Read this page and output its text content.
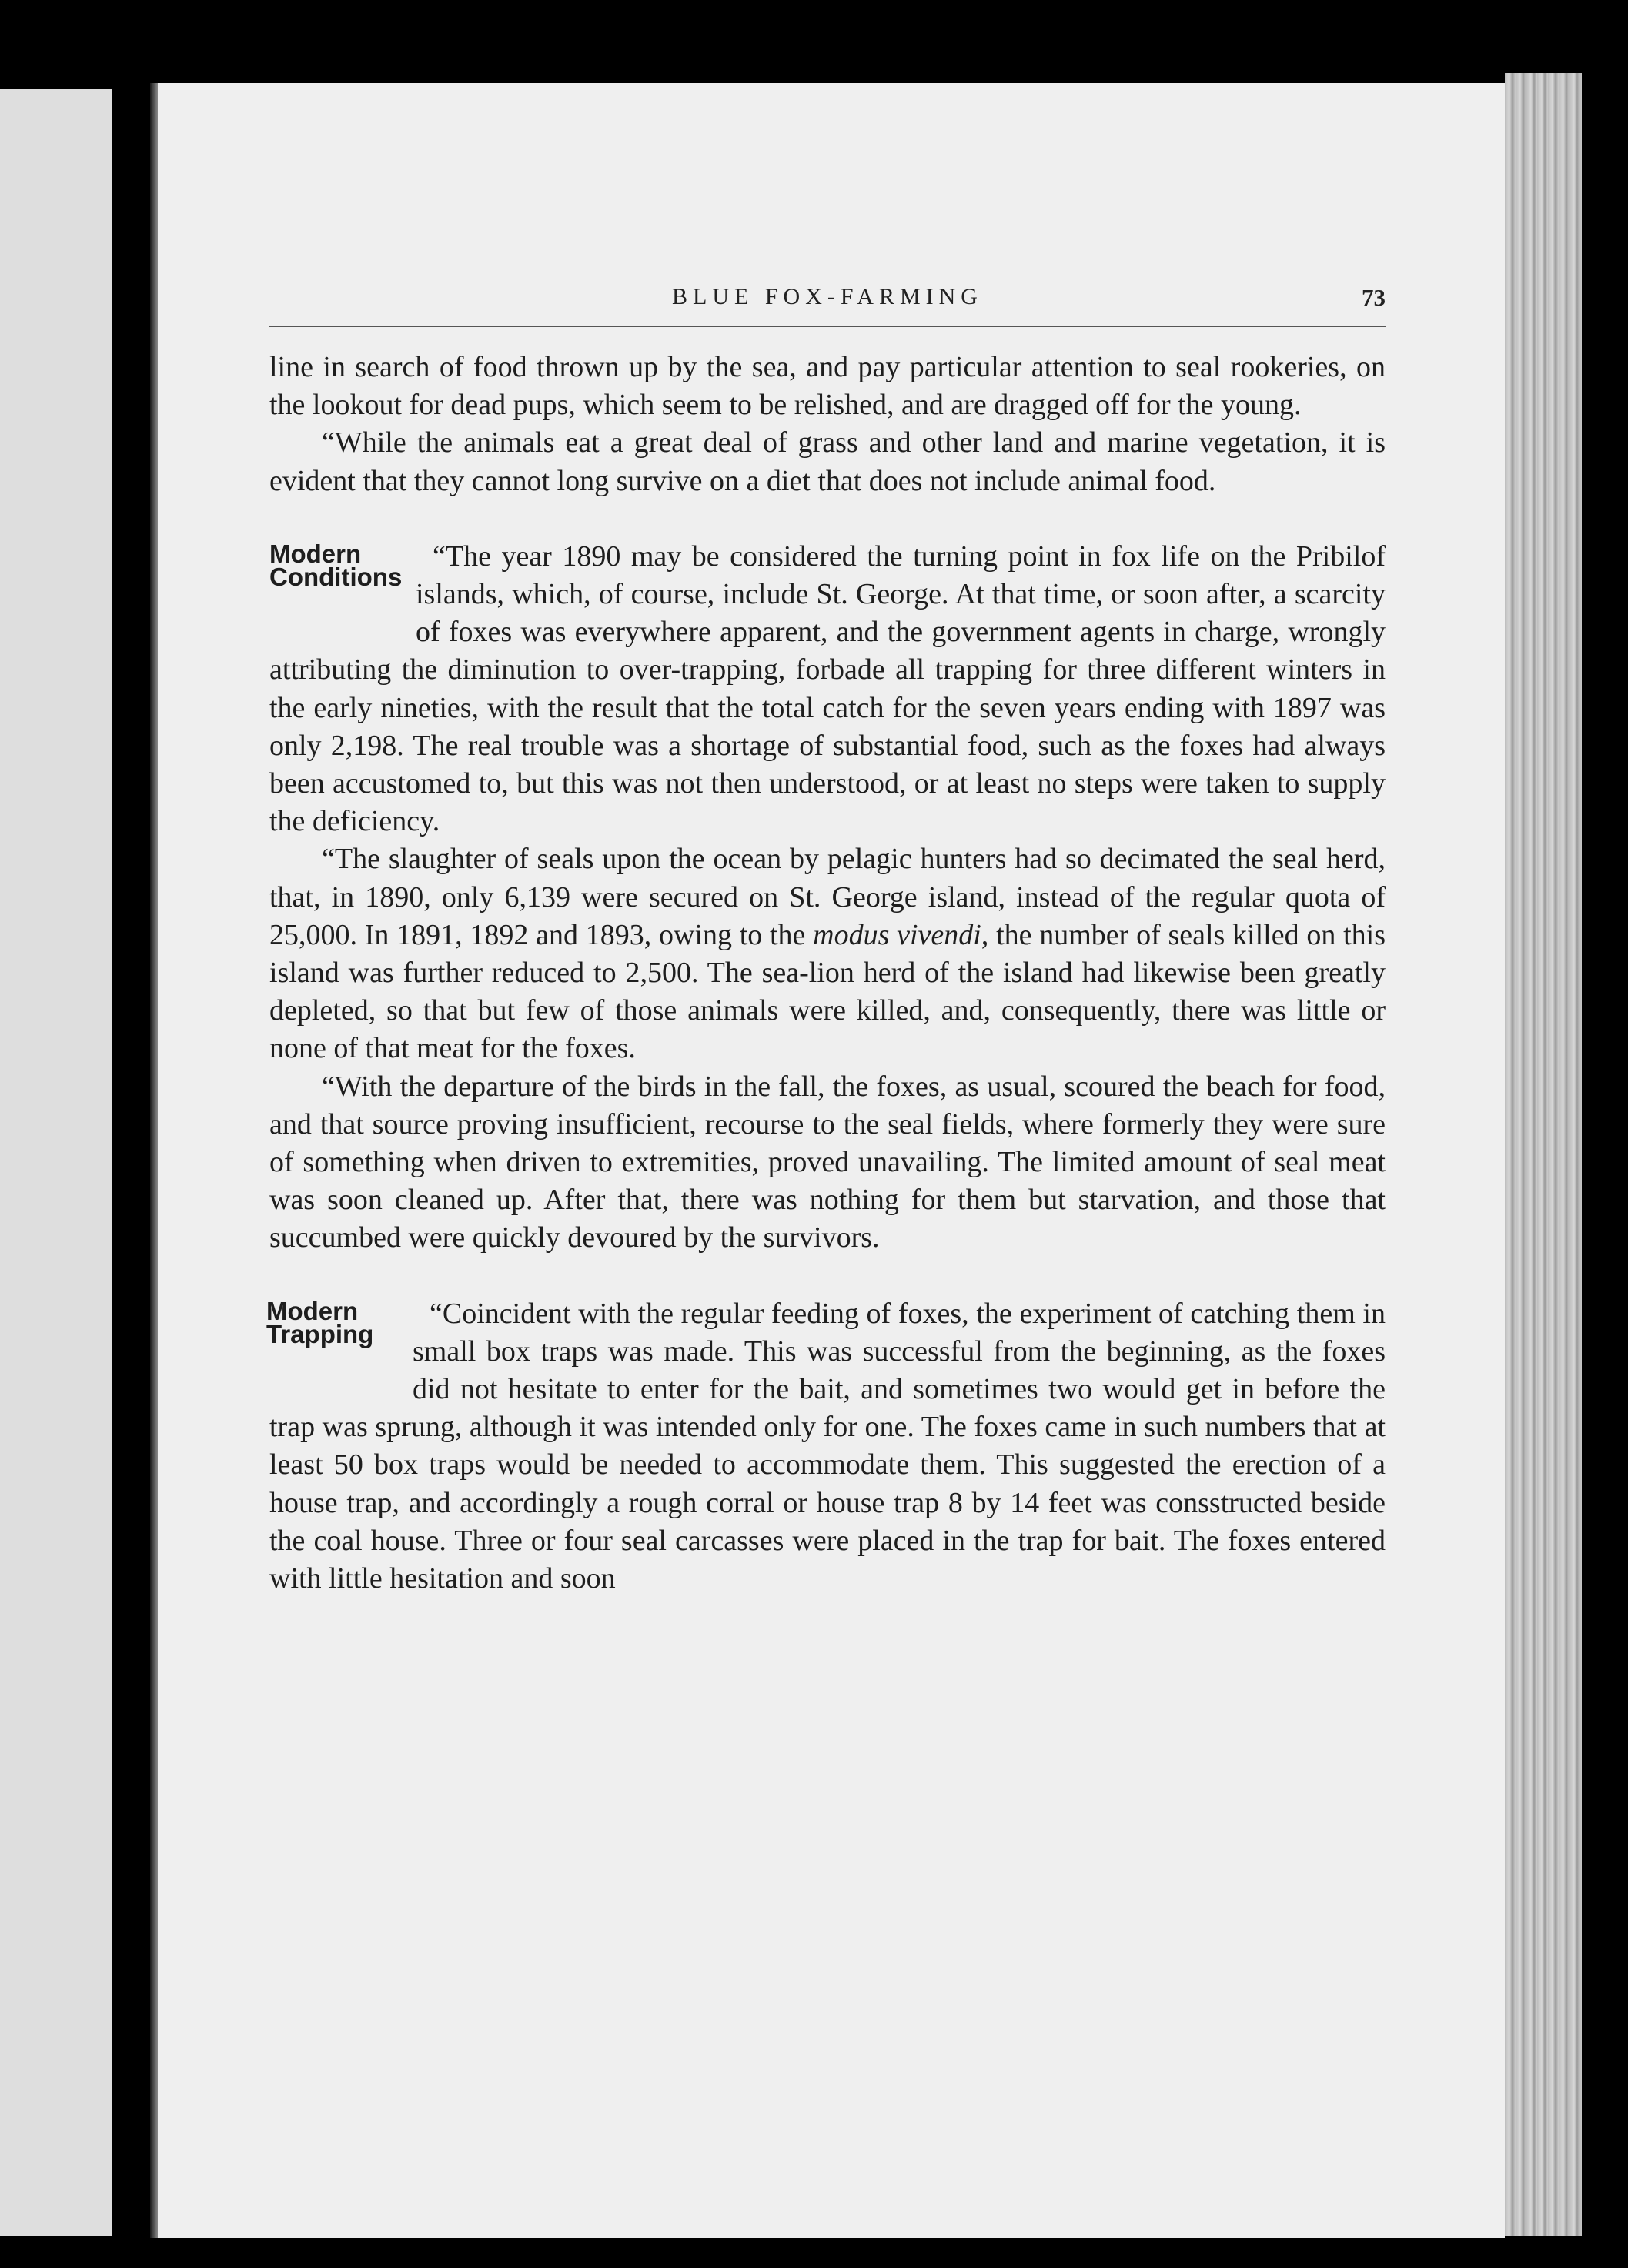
BLUE FOX-FARMING	73

line in search of food thrown up by the sea, and pay particular attention to seal rookeries, on the lookout for dead pups, which seem to be relished, and are dragged off for the young.

“While the animals eat a great deal of grass and other land and marine vegetation, it is evident that they cannot long survive on a diet that does not include animal food.

Modern
Conditions

“The year 1890 may be considered the turning point in fox life on the Pribilof islands, which, of course, include St. George. At that time, or soon after, a scarcity of foxes was everywhere apparent, and the government agents in charge, wrongly attributing the diminution to over-trapping, forbade all trapping for three different winters in the early nineties, with the result that the total catch for the seven years ending with 1897 was only 2,198. The real trouble was a shortage of substantial food, such as the foxes had always been accustomed to, but this was not then understood, or at least no steps were taken to supply the deficiency.

“The slaughter of seals upon the ocean by pelagic hunters had so decimated the seal herd, that, in 1890, only 6,139 were secured on St. George island, instead of the regular quota of 25,000. In 1891, 1892 and 1893, owing to the modus vivendi, the number of seals killed on this island was further reduced to 2,500. The sea-lion herd of the island had likewise been greatly depleted, so that but few of those animals were killed, and, consequently, there was little or none of that meat for the foxes.

“With the departure of the birds in the fall, the foxes, as usual, scoured the beach for food, and that source proving insufficient, recourse to the seal fields, where formerly they were sure of something when driven to extremities, proved unavailing. The limited amount of seal meat was soon cleaned up. After that, there was nothing for them but starvation, and those that succumbed were quickly devoured by the survivors.

Modern
Trapping

“Coincident with the regular feeding of foxes, the experiment of catching them in small box traps was made. This was successful from the beginning, as the foxes did not hesitate to enter for the bait, and sometimes two would get in before the trap was sprung, although it was intended only for one. The foxes came in such numbers that at least 50 box traps would be needed to accommodate them. This suggested the erection of a house trap, and accordingly a rough corral or house trap 8 by 14 feet was consstructed beside the coal house. Three or four seal carcasses were placed in the trap for bait. The foxes entered with little hesitation and soon
